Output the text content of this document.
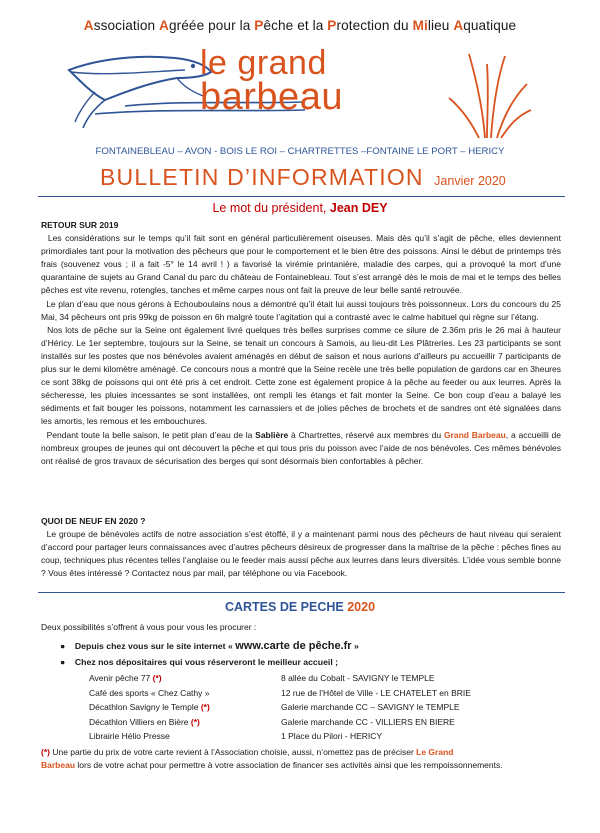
Association Agréée pour la Pêche et la Protection du Milieu Aquatique
le grand
barbeau
FONTAINEBLEAU – AVON - BOIS LE ROI – CHARTRETTES –FONTAINE LE PORT – HERICY
BULLETIN D’INFORMATION Janvier 2020
Le mot du président, Jean DEY
RETOUR SUR 2019

Les considérations sur le temps qu’il fait sont en général particulièrement oiseuses. Mais dès qu’il s’agit de pêche, elles deviennent primordiales tant pour la motivation des pêcheurs que pour le comportement et le bien être des poissons. Ainsi le début de printemps très frais (souvenez vous ; il a fait -5° le 14 avril ! ) a favorisé la virémie printanière, maladie des carpes, qui a provoqué la mort d’une quarantaine de sujets au Grand Canal du parc du château de Fontainebleau. Tout s’est arrangé dès le mois de mai et le temps des belles pêches est vite revenu, rotengles, tanches et même carpes nous ont fait la preuve de leur belle santé retrouvée.

Le plan d’eau que nous gérons à Echouboulains nous a démontré qu’il était lui aussi toujours très poissonneux. Lors du concours du 25 Mai, 34 pêcheurs ont pris 99kg de poisson en 6h malgré toute l’agitation qui a contrasté avec le calme habituel qui règne sur l’étang.

Nos lots de pêche sur la Seine ont également livré quelques très belles surprises comme ce silure de 2.36m pris le 26 mai à hauteur d’Héricy. Le 1er septembre, toujours sur la Seine, se tenait un concours à Samois, au lieu-dit Les Plâtreries. Les 23 participants se sont installés sur les postes que nos bénévoles avaient aménagés en début de saison et nous aurions d’ailleurs pu accueillir 7 participants de plus sur le demi kilomètre aménagé. Ce concours nous a montré que la Seine recèle une très belle population de gardons car en 3heures ce sont 38kg de poissons qui ont été pris à cet endroit. Cette zone est également propice à la pêche au feeder ou aux leurres. Après la sécheresse, les pluies incessantes se sont installées, ont rempli les étangs et fait monter la Seine. Ce bon coup d’eau a balayé les sédiments et fait bouger les poissons, notamment les carnassiers et de jolies pêches de brochets et de sandres ont été signalées dans les amortis, les remous et les embouchures.

Pendant toute la belle saison, le petit plan d’eau de la Sablière à Chartrettes, réservé aux membres du Grand Barbeau, a accueilli de nombreux groupes de jeunes qui ont découvert la pêche et qui tous pris du poisson avec l’aide de nos bénévoles. Ces mêmes bénévoles ont réalisé de gros travaux de sécurisation des berges qui sont désormais bien confortables à pêcher.

QUOI DE NEUF EN 2020 ?

Le groupe de bénévoles actifs de notre association s’est étoffé, il y a maintenant parmi nous des pêcheurs de haut niveau qui seraient d’accord pour partager leurs connaissances avec d’autres pêcheurs désireux de progresser dans la maîtrise de la pêche : pêches fines au coup, techniques plus récentes telles l’anglaise ou le feeder mais aussi pêche aux leurres dans leurs diversités. L’idée vous semble bonne ? Vous êtes intéressé ? Contactez nous par mail, par téléphone ou via Facebook.

CARTES DE PECHE 2020
Deux possibilités s’offrent à vous pour vous les procurer :
●    Depuis chez vous sur le site internet « www.carte de pêche.fr »
●    Chez nos dépositaires qui vous réserveront le meilleur accueil ;
Avenir pêche 77 (*)	8 allée du Cobalt - SAVIGNY le TEMPLE
Café des sports « Chez Cathy »	12 rue de l’Hôtel de Ville - LE CHATELET en BRIE
Décathlon Savigny le Temple (*)	Galerie marchande CC – SAVIGNY le TEMPLE
Décathlon Villiers en Bière (*)	Galerie marchande CC - VILLIERS EN BIERE
Librairie Hélio Presse	1 Place du Pilori - HERICY

(*) Une partie du prix de votre carte revient à l’Association choisie, aussi, n’omettez pas de préciser Le Grand
Barbeau lors de votre achat pour permettre à votre association de financer ses activités ainsi que les rempoissonnements.
